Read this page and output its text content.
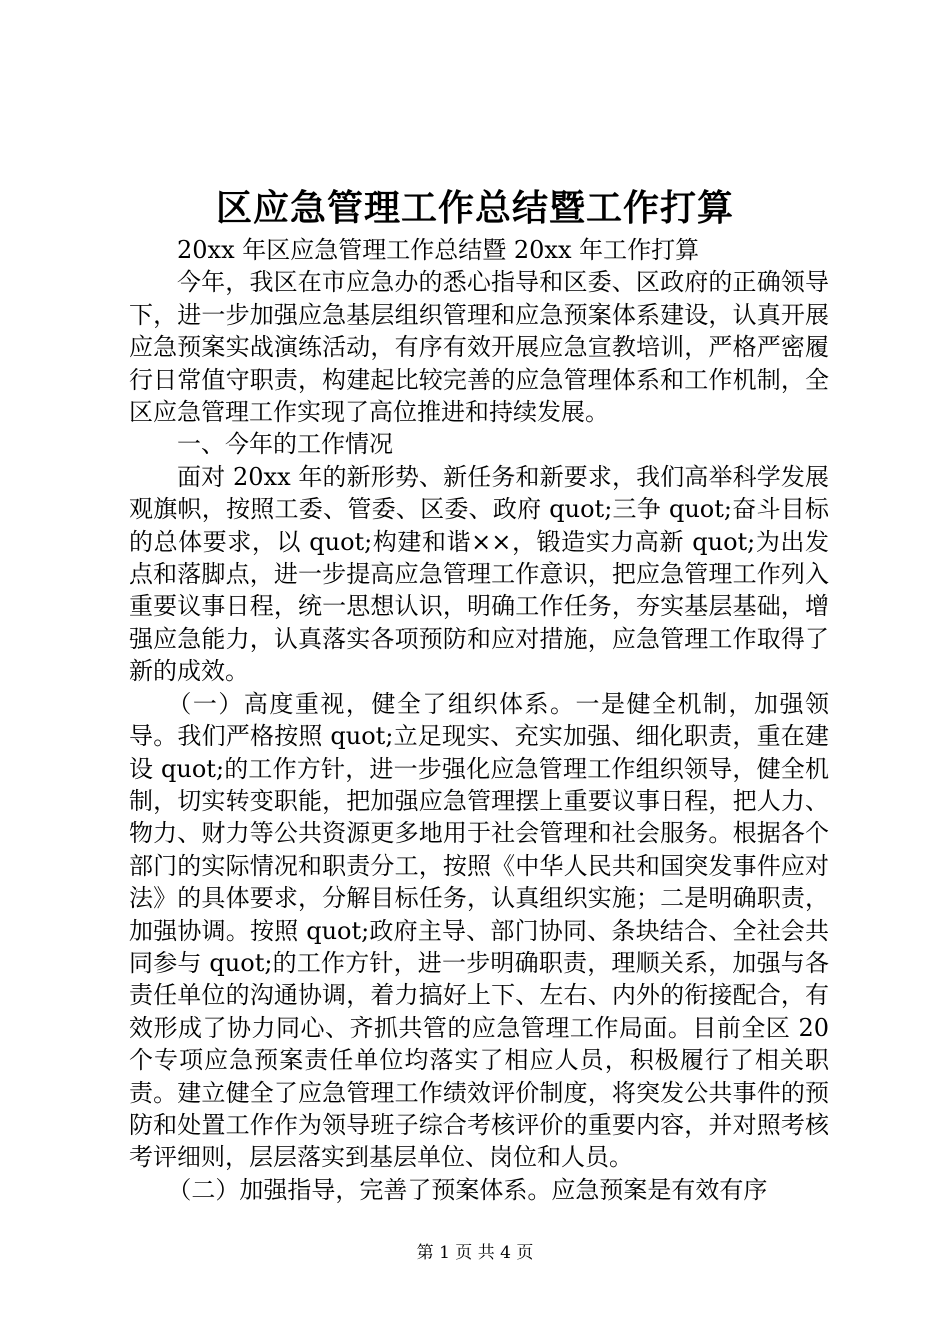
区应急管理工作总结暨工作打算

20xx 年区应急管理工作总结暨 20xx 年工作打算

今年，我区在市应急办的悉心指导和区委、区政府的正确领导下，进一步加强应急基层组织管理和应急预案体系建设，认真开展应急预案实战演练活动，有序有效开展应急宣教培训，严格严密履行日常值守职责，构建起比较完善的应急管理体系和工作机制，全区应急管理工作实现了高位推进和持续发展。

一、今年的工作情况

面对 20xx 年的新形势、新任务和新要求，我们高举科学发展观旗帜，按照工委、管委、区委、政府 quot;三争 quot;奋斗目标的总体要求，以 quot;构建和谐××，锻造实力高新 quot;为出发点和落脚点，进一步提高应急管理工作意识，把应急管理工作列入重要议事日程，统一思想认识，明确工作任务，夯实基层基础，增强应急能力，认真落实各项预防和应对措施，应急管理工作取得了新的成效。

（一）高度重视，健全了组织体系。一是健全机制，加强领导。我们严格按照 quot;立足现实、充实加强、细化职责，重在建设 quot;的工作方针，进一步强化应急管理工作组织领导，健全机制，切实转变职能，把加强应急管理摆上重要议事日程，把人力、物力、财力等公共资源更多地用于社会管理和社会服务。根据各个部门的实际情况和职责分工，按照《中华人民共和国突发事件应对法》的具体要求，分解目标任务，认真组织实施；二是明确职责，加强协调。按照 quot;政府主导、部门协同、条块结合、全社会共同参与 quot;的工作方针，进一步明确职责，理顺关系，加强与各责任单位的沟通协调，着力搞好上下、左右、内外的衔接配合，有效形成了协力同心、齐抓共管的应急管理工作局面。目前全区 20 个专项应急预案责任单位均落实了相应人员，积极履行了相关职责。建立健全了应急管理工作绩效评价制度，将突发公共事件的预防和处置工作作为领导班子综合考核评价的重要内容，并对照考核考评细则，层层落实到基层单位、岗位和人员。

（二）加强指导，完善了预案体系。应急预案是有效有序

第 1 页 共 4 页
